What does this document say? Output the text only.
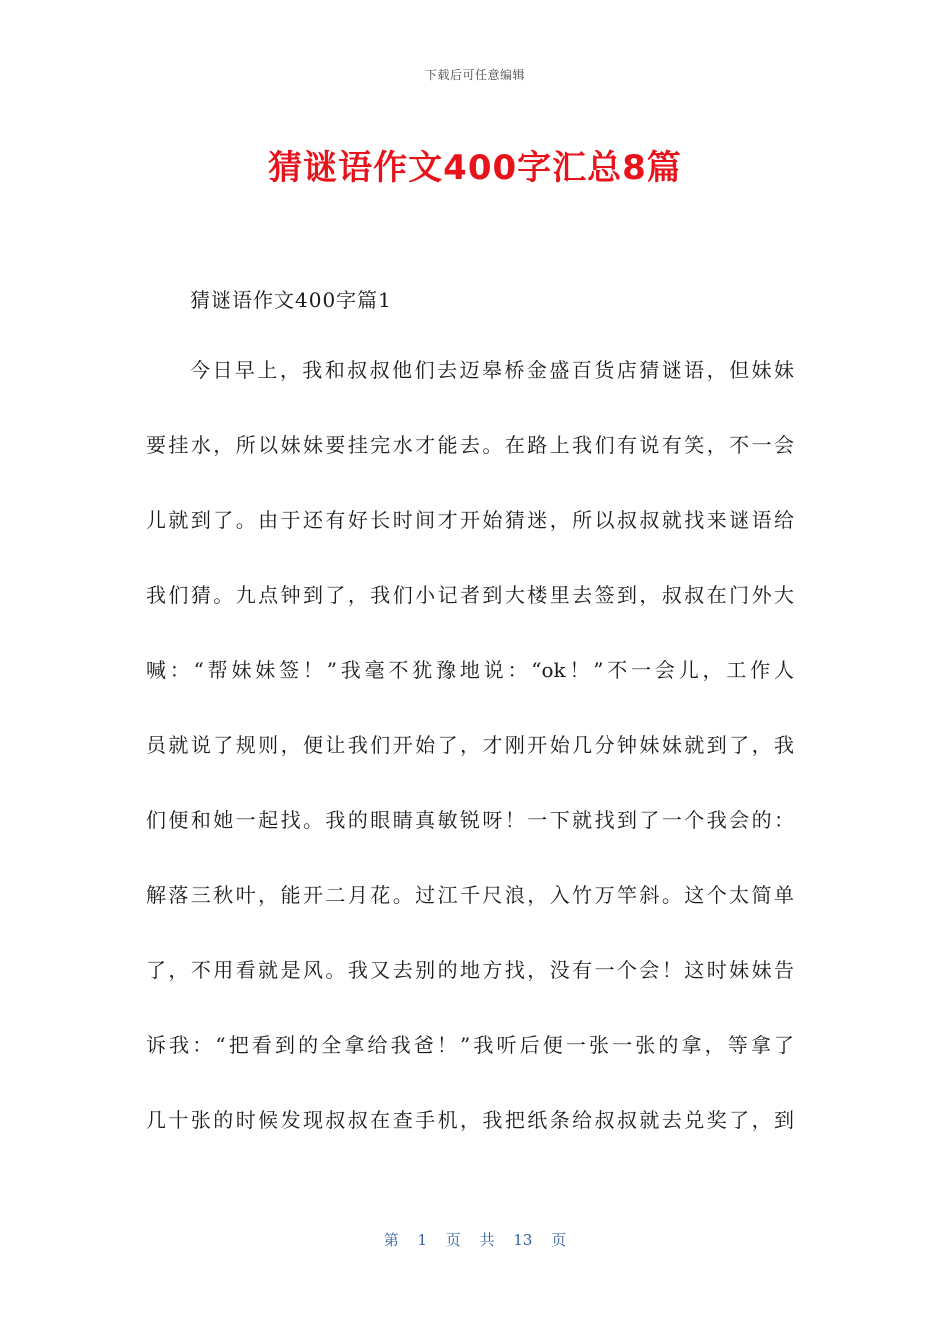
下载后可任意编辑
猜谜语作文400字汇总8篇
猜谜语作文400字篇1
今日早上，我和叔叔他们去迈皋桥金盛百货店猜谜语，但妹妹
要挂水，所以妹妹要挂完水才能去。在路上我们有说有笑，不一会
儿就到了。由于还有好长时间才开始猜迷，所以叔叔就找来谜语给
我们猜。九点钟到了，我们小记者到大楼里去签到，叔叔在门外大
喊：“帮妹妹签！”我毫不犹豫地说：“ok！”不一会儿，工作人
员就说了规则，便让我们开始了，才刚开始几分钟妹妹就到了，我
们便和她一起找。我的眼睛真敏锐呀！一下就找到了一个我会的：
解落三秋叶，能开二月花。过江千尺浪，入竹万竿斜。这个太简单
了，不用看就是风。我又去别的地方找，没有一个会！这时妹妹告
诉我：“把看到的全拿给我爸！”我听后便一张一张的拿，等拿了
几十张的时候发现叔叔在查手机，我把纸条给叔叔就去兑奖了，到
第 1 页 共 13 页
